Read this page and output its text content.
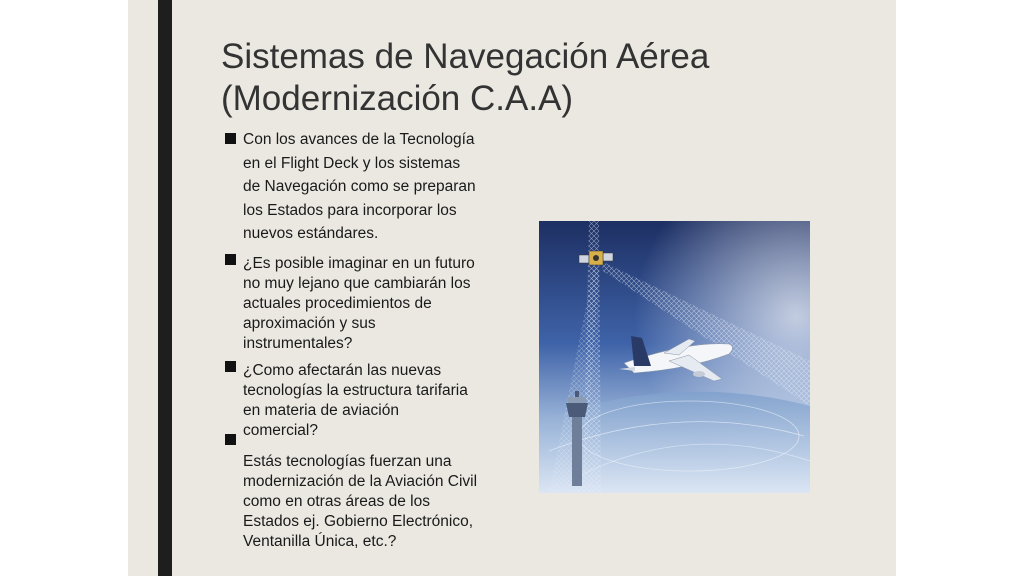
Sistemas de Navegación Aérea
(Modernización C.A.A)

Con los avances de la Tecnología
en el Flight Deck y los sistemas
de Navegación como se preparan
los Estados para incorporar los
nuevos estándares.

¿Es posible imaginar en un futuro
no muy lejano que cambiarán los
actuales procedimientos de
aproximación y sus
instrumentales?

¿Como afectarán las nuevas
tecnologías la estructura tarifaria
en materia de aviación
comercial?

Estás tecnologías fuerzan una
modernización de la Aviación Civil
como en otras áreas de los
Estados ej. Gobierno Electrónico,
Ventanilla Única, etc.?
